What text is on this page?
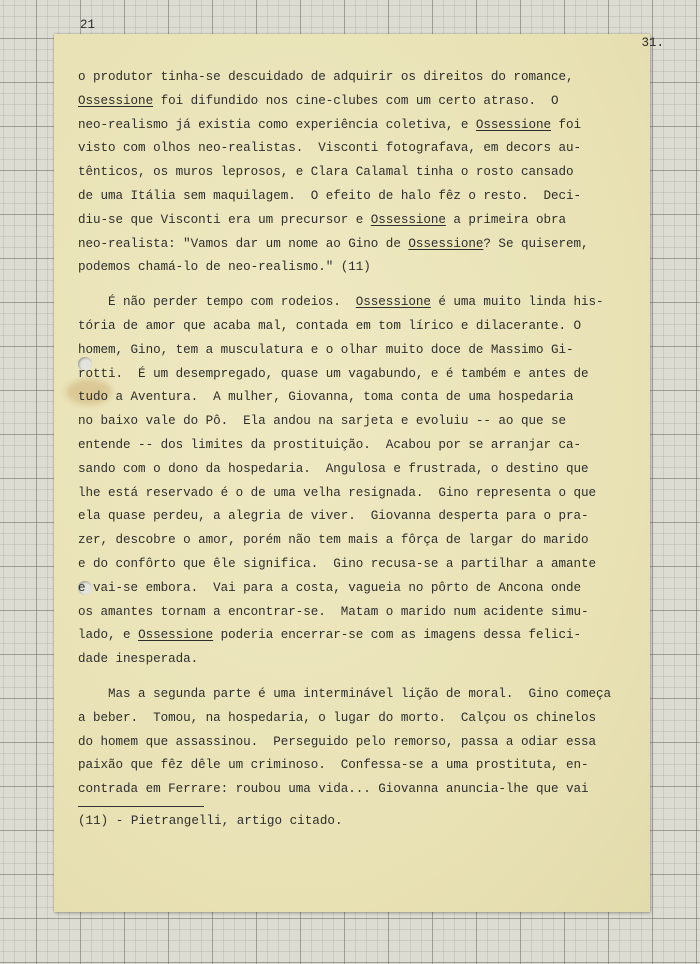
21
31.
o produtor tinha-se descuidado de adquirir os direitos do romance,
Ossessione foi difundido nos cine-clubes com um certo atraso.  O
neo-realismo já existia como experiência coletiva, e Ossessione foi
visto com olhos neo-realistas.  Visconti fotografava, em decors au-
tênticos, os muros leprosos, e Clara Calamal tinha o rosto cansado
de uma Itália sem maquilagem.  O efeito de halo fêz o resto.  Deci-
diu-se que Visconti era um precursor e Ossessione a primeira obra
neo-realista: "Vamos dar um nome ao Gino de Ossessione? Se quiserem,
podemos chamá-lo de neo-realismo." (11)
É não perder tempo com rodeios.  Ossessione é uma muito linda his-
tória de amor que acaba mal, contada em tom lírico e dilacerante. O
homem, Gino, tem a musculatura e o olhar muito doce de Massimo Gi-
rotti.  É um desempregado, quase um vagabundo, e é também e antes de
tudo a Aventura.  A mulher, Giovanna, toma conta de uma hospedaria
no baixo vale do Pô.  Ela andou na sarjeta e evoluiu -- ao que se
entende -- dos limites da prostituição.  Acabou por se arranjar ca-
sando com o dono da hospedaria.  Angulosa e frustrada, o destino que
lhe está reservado é o de uma velha resignada.  Gino representa o que
ela quase perdeu, a alegria de viver.  Giovanna desperta para o pra-
zer, descobre o amor, porém não tem mais a fôrça de largar do marido
e do confôrto que êle significa.  Gino recusa-se a partilhar a amante
e vai-se embora.  Vai para a costa, vagueia no pôrto de Ancona onde
os amantes tornam a encontrar-se.  Matam o marido num acidente simu-
lado, e Ossessione poderia encerrar-se com as imagens dessa felici-
dade inesperada.
Mas a segunda parte é uma interminável lição de moral.  Gino começa
a beber.  Tomou, na hospedaria, o lugar do morto.  Calçou os chinelos
do homem que assassinou.  Perseguido pelo remorso, passa a odiar essa
paixão que fêz dêle um criminoso.  Confessa-se a uma prostituta, en-
contrada em Ferrare: roubou uma vida... Giovanna anuncia-lhe que vai
(11) - Pietrangelli, artigo citado.
